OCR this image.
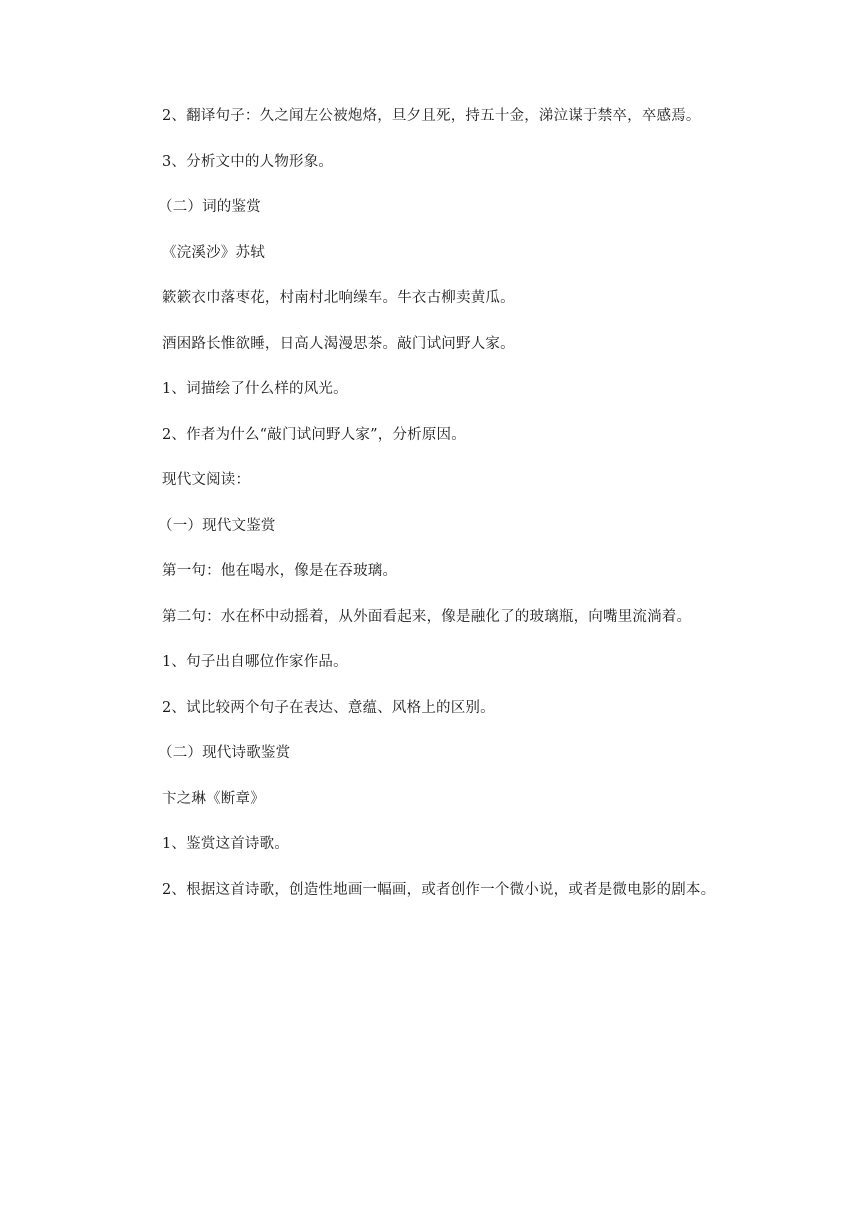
2、翻译句子：久之闻左公被炮烙，旦夕且死，持五十金，涕泣谋于禁卒，卒感焉。

3、分析文中的人物形象。

（二）词的鉴赏

《浣溪沙》苏轼

簌簌衣巾落枣花，村南村北响缲车。牛衣古柳卖黄瓜。

酒困路长惟欲睡，日高人渴漫思茶。敲门试问野人家。

1、词描绘了什么样的风光。

2、作者为什么“敲门试问野人家”，分析原因。

现代文阅读：

（一）现代文鉴赏

第一句：他在喝水，像是在吞玻璃。

第二句：水在杯中动摇着，从外面看起来，像是融化了的玻璃瓶，向嘴里流淌着。

1、句子出自哪位作家作品。

2、试比较两个句子在表达、意蕴、风格上的区别。

（二）现代诗歌鉴赏

卞之琳《断章》

1、鉴赏这首诗歌。

2、根据这首诗歌，创造性地画一幅画，或者创作一个微小说，或者是微电影的剧本。
